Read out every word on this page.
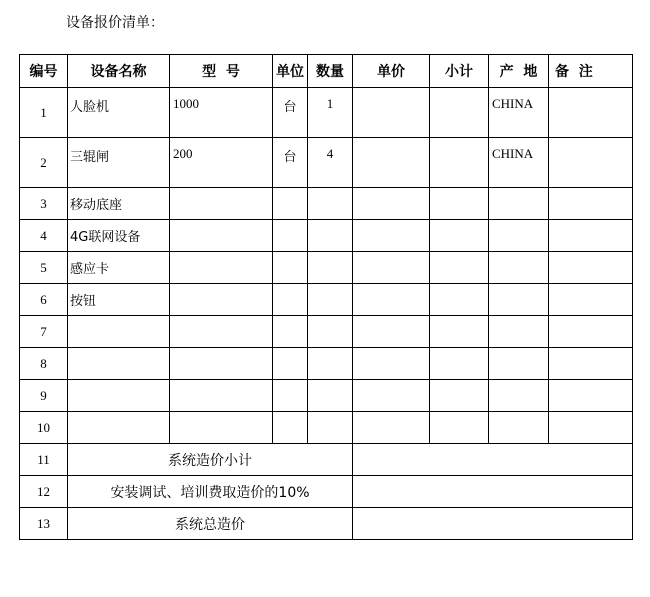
设备报价清单：
编号	设备名称	型  号	单位	数量	单价	小计	产  地	备  注
1	人脸机	1000	台	1			CHINA	
2	三辊闸	200	台	4			CHINA	
3	移动底座							
4	4G联网设备							
5	感应卡							
6	按钮							
7								
8								
9								
10								
11	系统造价小计							
12	安装调试、培训费取造价的10%							
13	系统总造价							
